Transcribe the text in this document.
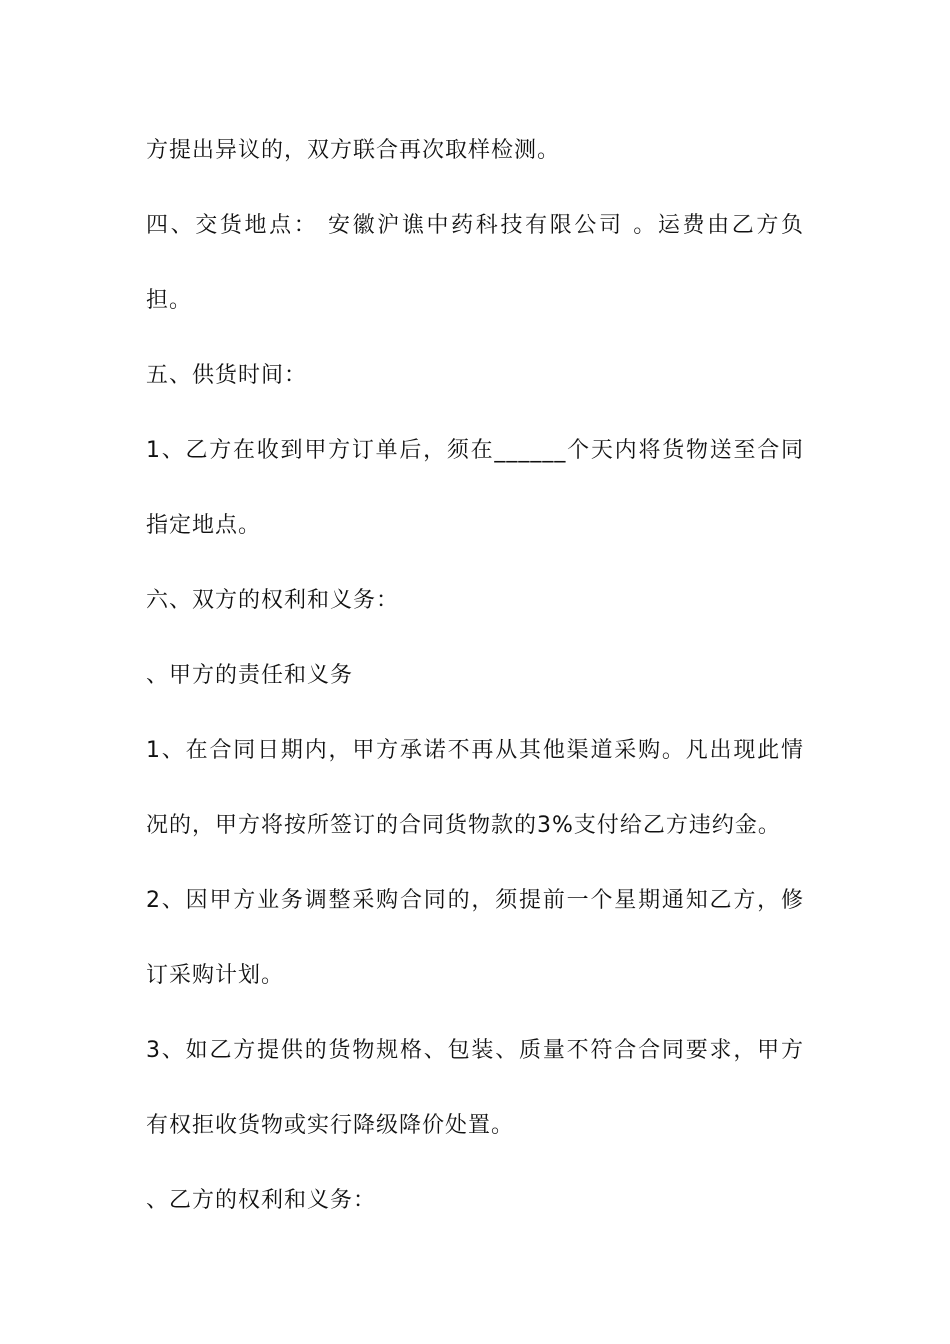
方提出异议的，双方联合再次取样检测。
四、交货地点： 安徽沪谯中药科技有限公司 。运费由乙方负
担。
五、供货时间：
1、乙方在收到甲方订单后，须在______个天内将货物送至合同
指定地点。
六、双方的权利和义务：
、甲方的责任和义务
1、在合同日期内，甲方承诺不再从其他渠道采购。凡出现此情
况的，甲方将按所签订的合同货物款的3%支付给乙方违约金。
2、因甲方业务调整采购合同的，须提前一个星期通知乙方，修
订采购计划。
3、如乙方提供的货物规格、包装、质量不符合合同要求，甲方
有权拒收货物或实行降级降价处置。
、乙方的权利和义务：
